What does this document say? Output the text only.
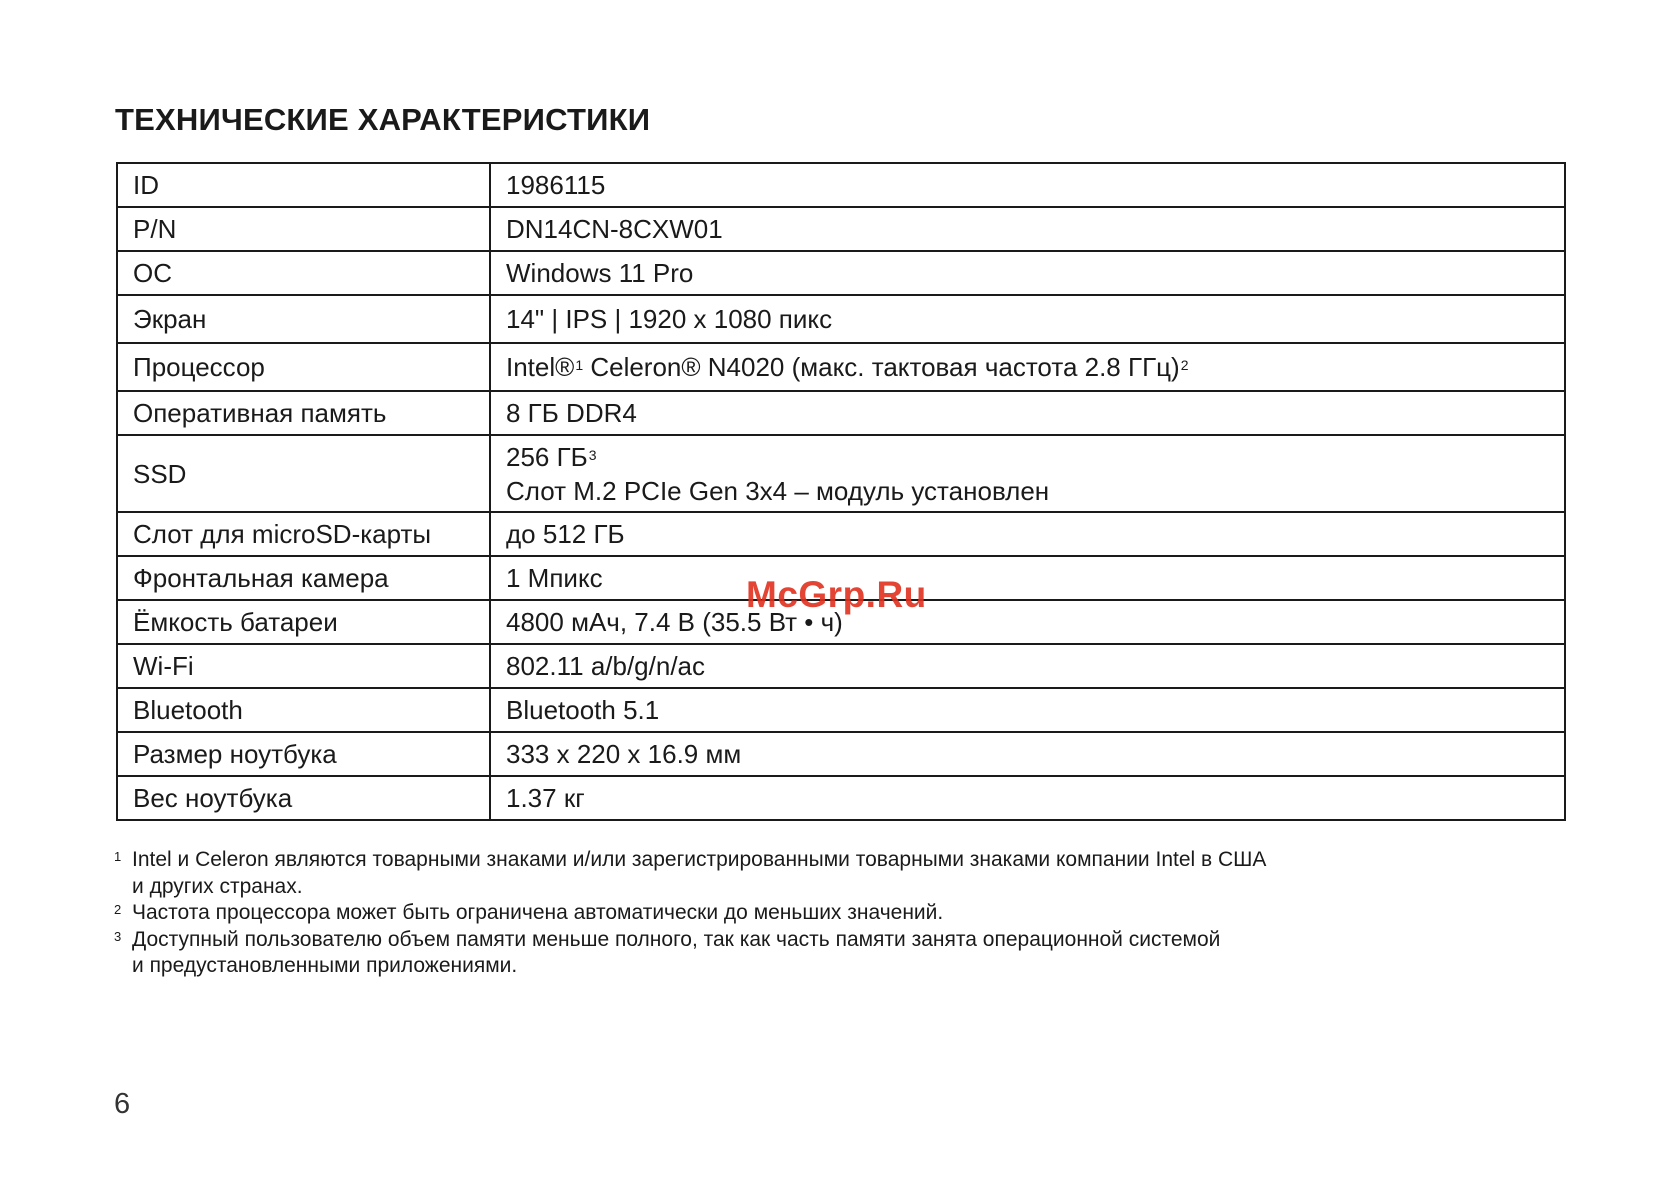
ТЕХНИЧЕСКИЕ ХАРАКТЕРИСТИКИ
ID	1986115
P/N	DN14CN-8CXW01
ОС	Windows 11 Pro
Экран	14" | IPS | 1920 x 1080 пикс
Процессор	Intel®$^1$ Celeron® N4020 (макс. тактовая частота 2.8 ГГц)$^2$
Оперативная память	8 ГБ DDR4
SSD	256 $ГБ^3$
Слот M.2 PCIe Gen 3x4 – модуль установлен

Слот для microSD-карты	до 512 ГБ
Фронтальная камера	1 Мпикс
Ёмкость батареи	4800 мАч, 7.4 В (35.5 Вт • ч)
Wi-Fi	802.11 a/b/g/n/ac
Bluetooth	Bluetooth 5.1
Размер ноутбука	333 x 220 x 16.9 мм
Вес ноутбука	1.37 кг
1 Intel и Celeron являются товарными знаками и/или зарегистрированными товарными знаками компании Intel в США
и других странах.
2 Частота процессора может быть ограничена автоматически до меньших значений.
3 Доступный пользователю объем памяти меньше полного, так как часть памяти занята операционной системой
и предустановленными приложениями.
McGrp.Ru
6
